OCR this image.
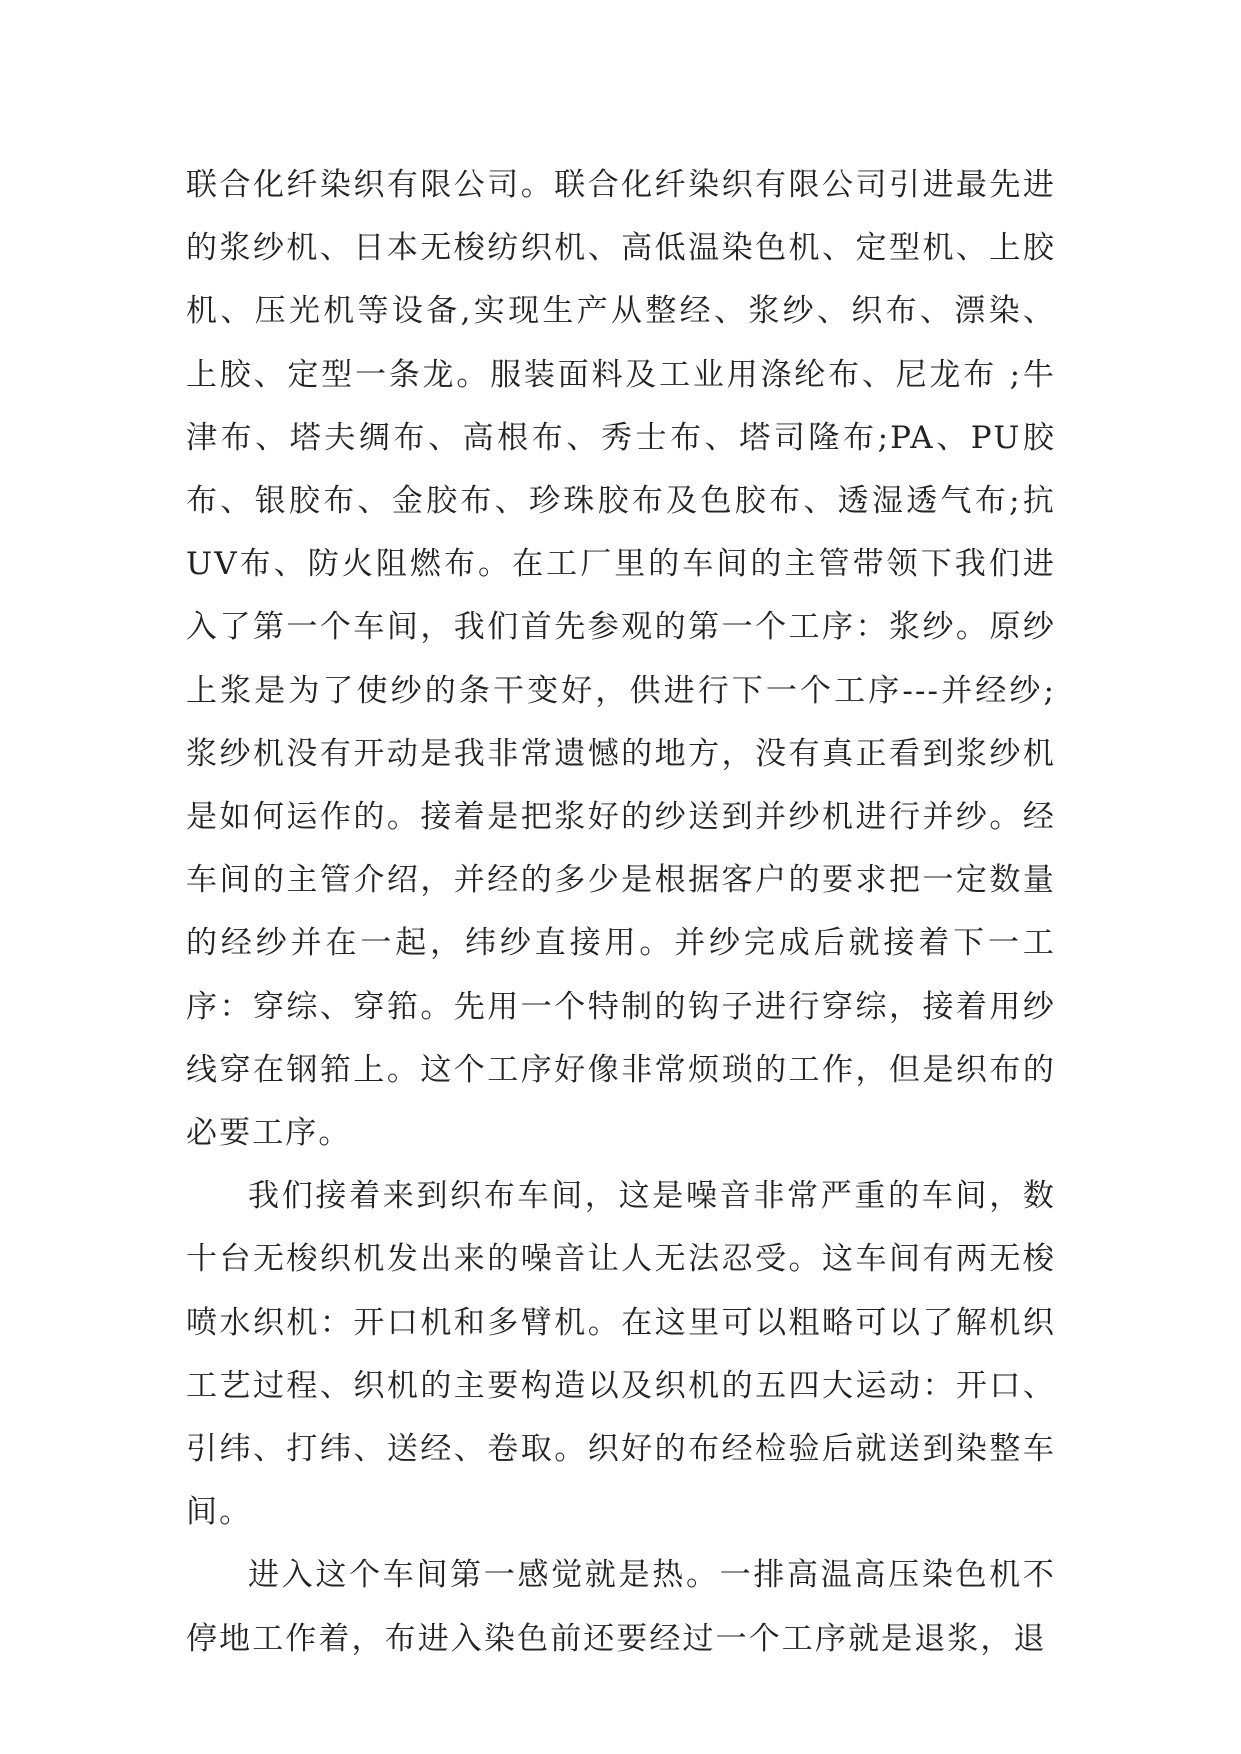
联合化纤染织有限公司。联合化纤染织有限公司引进最先进的浆纱机、日本无梭纺织机、高低温染色机、定型机、上胶机、压光机等设备,实现生产从整经、浆纱、织布、漂染、上胶、定型一条龙。服装面料及工业用涤纶布、尼龙布 ;牛津布、塔夫绸布、高根布、秀士布、塔司隆布;PA、PU胶布、银胶布、金胶布、珍珠胶布及色胶布、透湿透气布;抗UV布、防火阻燃布。在工厂里的车间的主管带领下我们进入了第一个车间，我们首先参观的第一个工序：浆纱。原纱上浆是为了使纱的条干变好，供进行下一个工序---并经纱;浆纱机没有开动是我非常遗憾的地方，没有真正看到浆纱机是如何运作的。接着是把浆好的纱送到并纱机进行并纱。经车间的主管介绍，并经的多少是根据客户的要求把一定数量的经纱并在一起，纬纱直接用。并纱完成后就接着下一工序：穿综、穿筘。先用一个特制的钩子进行穿综，接着用纱线穿在钢筘上。这个工序好像非常烦琐的工作，但是织布的必要工序。

我们接着来到织布车间，这是噪音非常严重的车间，数十台无梭织机发出来的噪音让人无法忍受。这车间有两无梭喷水织机：开口机和多臂机。在这里可以粗略可以了解机织工艺过程、织机的主要构造以及织机的五四大运动：开口、引纬、打纬、送经、卷取。织好的布经检验后就送到染整车间。

进入这个车间第一感觉就是热。一排高温高压染色机不停地工作着，布进入染色前还要经过一个工序就是退浆，退
